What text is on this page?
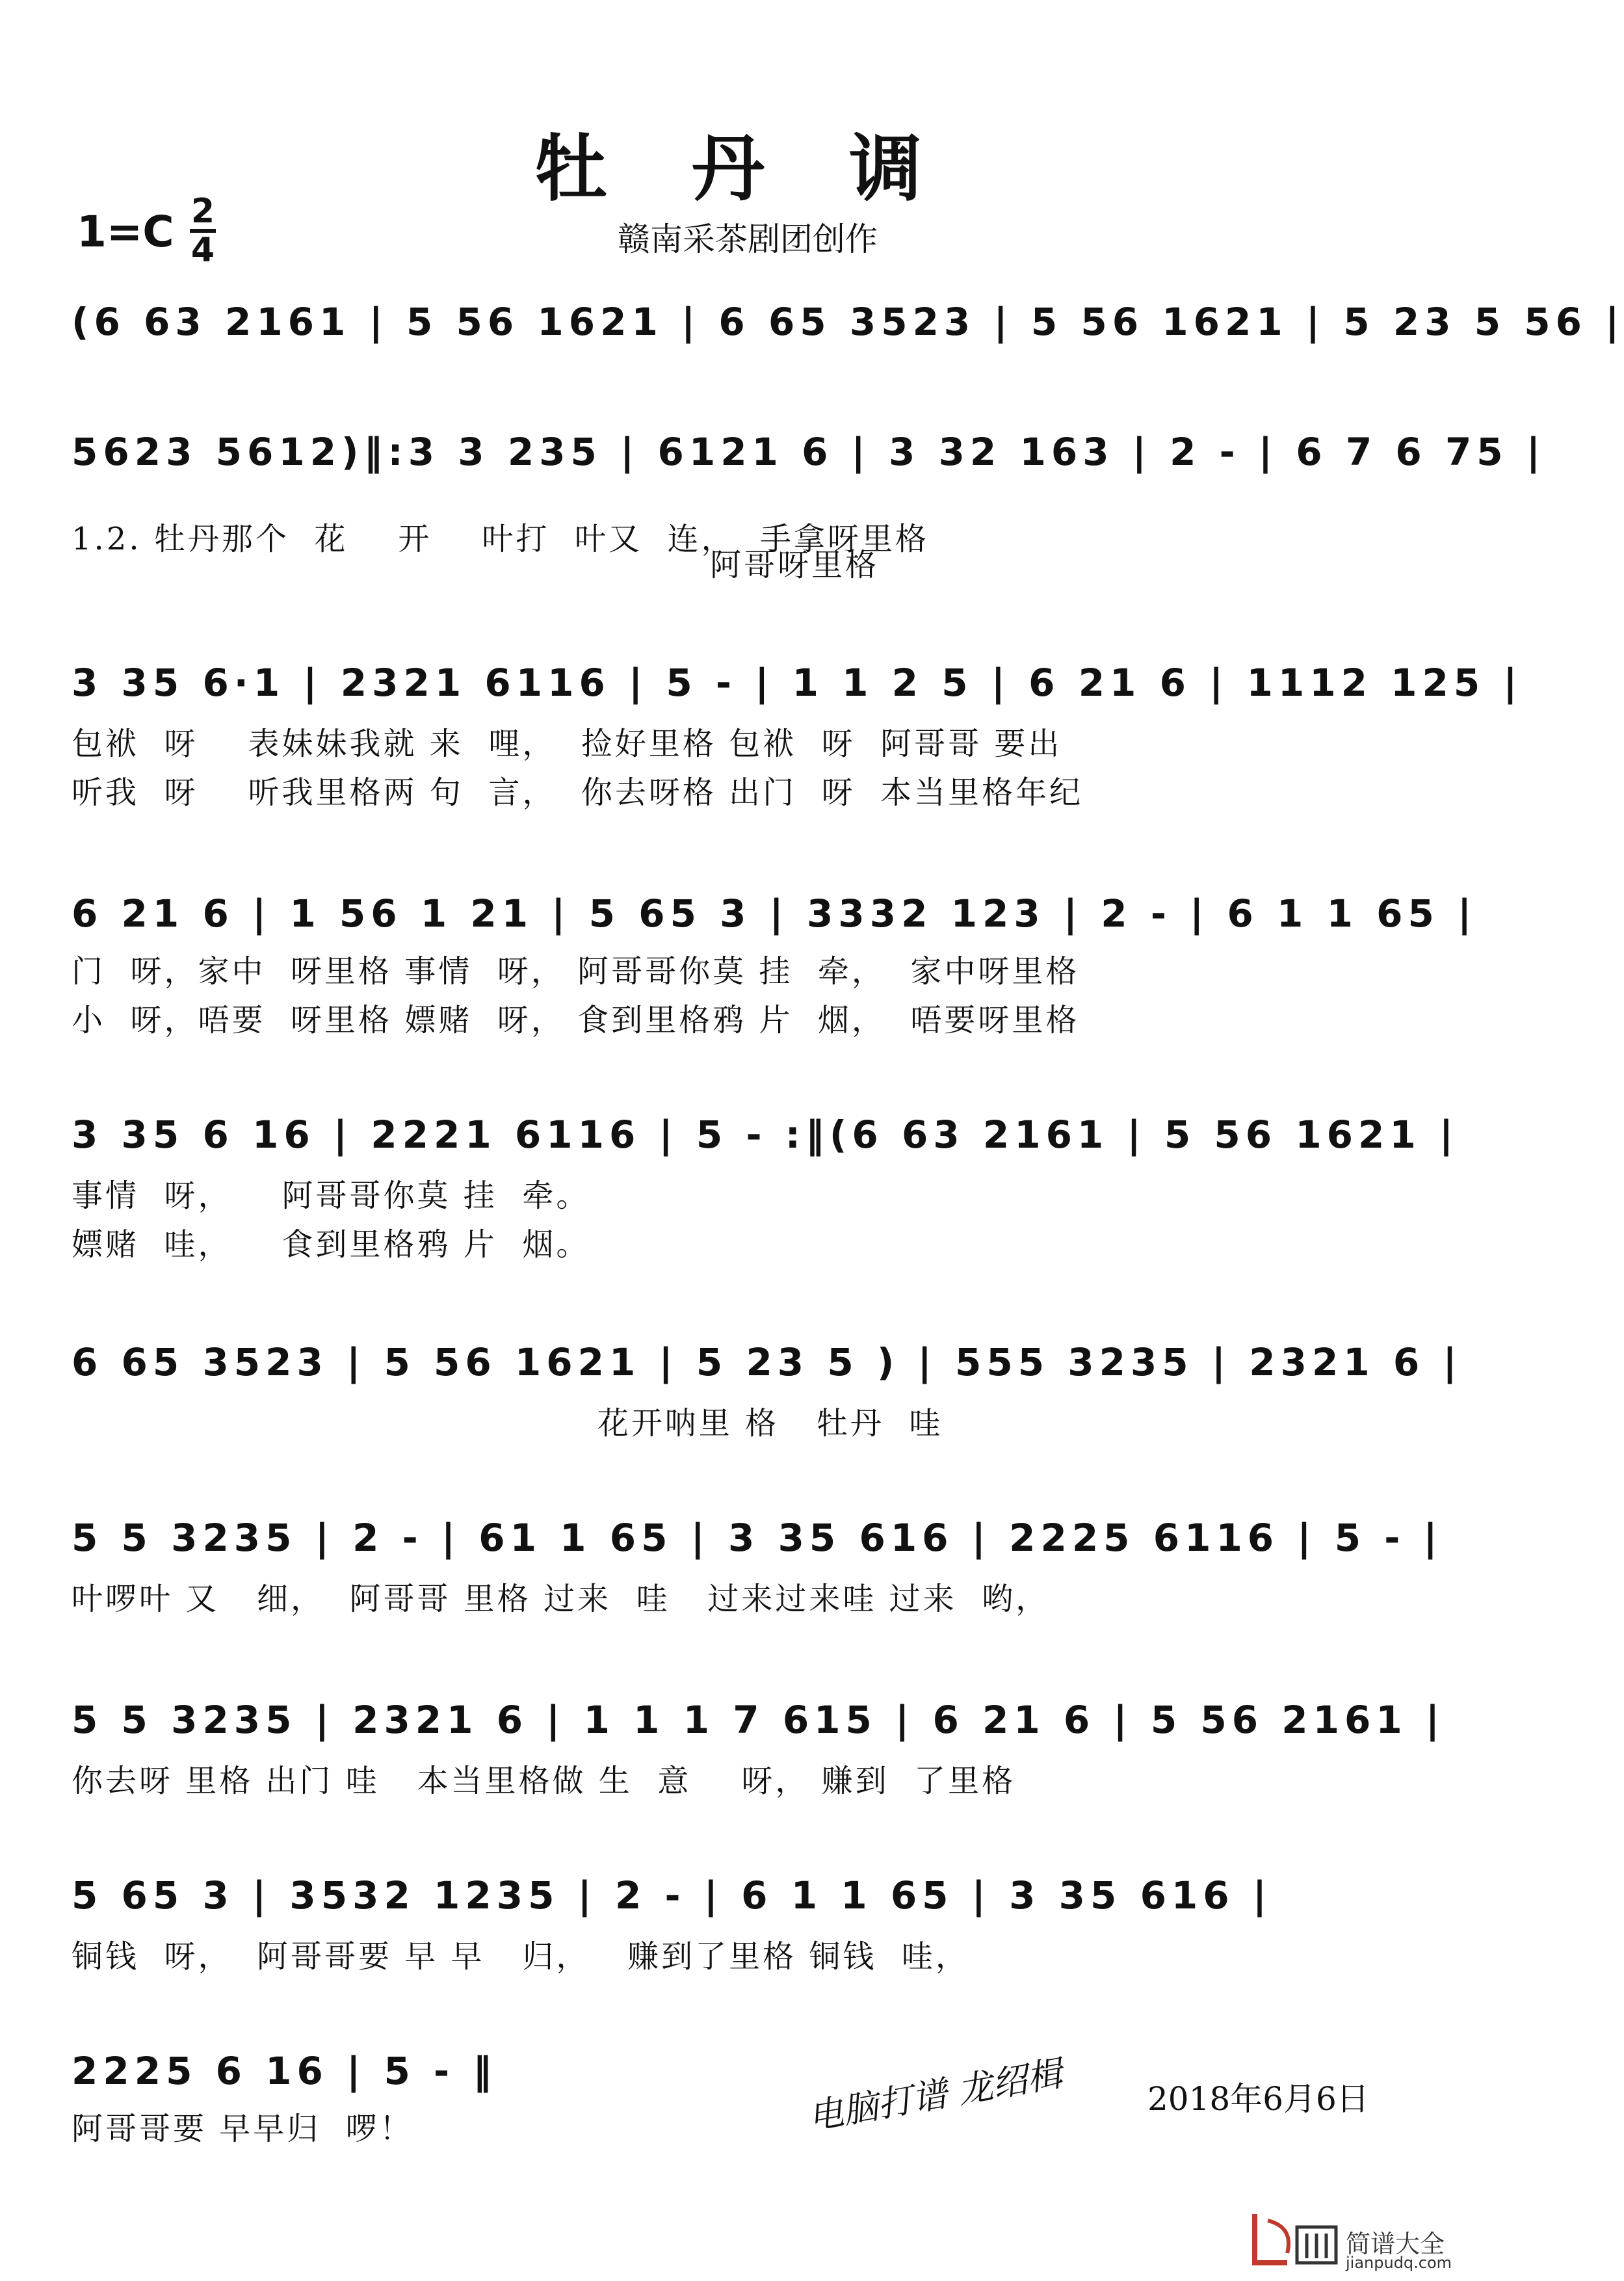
牡丹调
1=C 2
4	赣南采茶剧团创作
(6 63 2161 | 5 56 1621 | 6 65 3523 | 5 56 1621 | 5 23 5 56 |
5623 5612)‖:3 3 235 | 6121 6 | 3 32 163 | 2 - | 6 7 6 75 |
1.2. 牡丹那个  花    开    叶打  叶又  连，  手拿呀里格
阿哥呀里格
3 35 6·1 | 2321 6116 | 5 - | 1 1 2 5 | 6 21 6 | 1112 125 |
包袱  呀    表妹妹我就 来  哩，  捡好里格 包袱  呀  阿哥哥 要出
听我  呀    听我里格两 句  言，  你去呀格 出门  呀  本当里格年纪
6 21 6 | 1 56 1 21 | 5 65 3 | 3332 123 | 2 - | 6 1 1 65 |
门  呀，家中  呀里格 事情  呀， 阿哥哥你莫 挂  牵，  家中呀里格
小  呀，唔要  呀里格 嫖赌  呀， 食到里格鸦 片  烟，  唔要呀里格
3 35 6 16 | 2221 6116 | 5 - :‖(6 63 2161 | 5 56 1621 |
事情  呀，    阿哥哥你莫 挂  牵。
嫖赌  哇，    食到里格鸦 片  烟。
6 65 3523 | 5 56 1621 | 5 23 5 ) | 555 3235 | 2321 6 |
花开呐里 格   牡丹  哇
5 5 3235 | 2 - | 61 1 65 | 3 35 616 | 2225 6116 | 5 - |
叶啰叶 又   细，  阿哥哥 里格 过来  哇   过来过来哇 过来  哟，
5 5 3235 | 2321 6 | 1 1 1 7 615 | 6 21 6 | 5 56 2161 |
你去呀 里格 出门 哇   本当里格做 生  意    呀， 赚到  了里格
5 65 3 | 3532 1235 | 2 - | 6 1 1 65 | 3 35 616 |
铜钱  呀，  阿哥哥要 早 早   归，   赚到了里格 铜钱  哇，
2225 6 16 | 5 - ‖
阿哥哥要 早早归  啰！	电脑打谱 龙绍楫	2018年6月6日
简谱大全
jianpudq.com
